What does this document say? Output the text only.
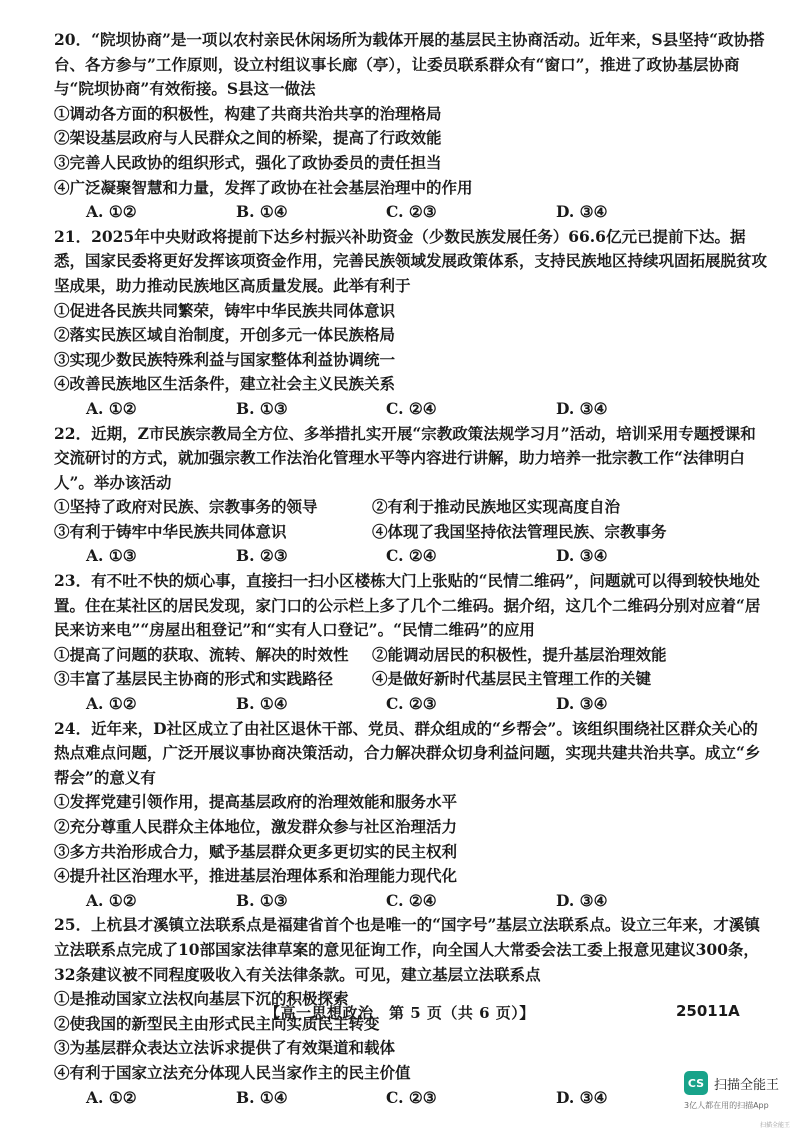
20．“院坝协商”是一项以农村亲民休闲场所为载体开展的基层民主协商活动。近年来，S县坚持“政协搭台、各方参与”工作原则，设立村组议事长廊（亭），让委员联系群众有“窗口”，推进了政协基层协商与“院坝协商”有效衔接。S县这一做法

①调动各方面的积极性，构建了共商共治共享的治理格局

②架设基层政府与人民群众之间的桥梁，提高了行政效能

③完善人民政协的组织形式，强化了政协委员的责任担当

④广泛凝聚智慧和力量，发挥了政协在社会基层治理中的作用

A. ①②	B. ①④	C. ②③	D. ③④

21．2025年中央财政将提前下达乡村振兴补助资金（少数民族发展任务）66.6亿元已提前下达。据悉，国家民委将更好发挥该项资金作用，完善民族领域发展政策体系，支持民族地区持续巩固拓展脱贫攻坚成果，助力推动民族地区高质量发展。此举有利于

①促进各民族共同繁荣，铸牢中华民族共同体意识

②落实民族区域自治制度，开创多元一体民族格局

③实现少数民族特殊利益与国家整体利益协调统一

④改善民族地区生活条件，建立社会主义民族关系

A. ①②	B. ①③	C. ②④	D. ③④

22．近期，Z市民族宗教局全方位、多举措扎实开展“宗教政策法规学习月”活动，培训采用专题授课和交流研讨的方式，就加强宗教工作法治化管理水平等内容进行讲解，助力培养一批宗教工作“法律明白人”。举办该活动

①坚持了政府对民族、宗教事务的领导	②有利于推动民族地区实现高度自治
③有利于铸牢中华民族共同体意识	④体现了我国坚持依法管理民族、宗教事务
A. ①③	B. ②③	C. ②④	D. ③④

23．有不吐不快的烦心事，直接扫一扫小区楼栋大门上张贴的“民情二维码”，问题就可以得到较快地处置。住在某社区的居民发现，家门口的公示栏上多了几个二维码。据介绍，这几个二维码分别对应着“居民来访来电”“房屋出租登记”和“实有人口登记”。“民情二维码”的应用

①提高了问题的获取、流转、解决的时效性	②能调动居民的积极性，提升基层治理效能
③丰富了基层民主协商的形式和实践路径	④是做好新时代基层民主管理工作的关键
A. ①②	B. ①④	C. ②③	D. ③④

24．近年来，D社区成立了由社区退休干部、党员、群众组成的“乡帮会”。该组织围绕社区群众关心的热点难点问题，广泛开展议事协商决策活动，合力解决群众切身利益问题，实现共建共治共享。成立“乡帮会”的意义有

①发挥党建引领作用，提高基层政府的治理效能和服务水平

②充分尊重人民群众主体地位，激发群众参与社区治理活力

③多方共治形成合力，赋予基层群众更多更切实的民主权利

④提升社区治理水平，推进基层治理体系和治理能力现代化

A. ①②	B. ①③	C. ②④	D. ③④

25．上杭县才溪镇立法联系点是福建省首个也是唯一的“国字号”基层立法联系点。设立三年来，才溪镇立法联系点完成了10部国家法律草案的意见征询工作，向全国人大常委会法工委上报意见建议300条，32条建议被不同程度吸收入有关法律条款。可见，建立基层立法联系点

①是推动国家立法权向基层下沉的积极探索

②使我国的新型民主由形式民主向实质民主转变

③为基层群众表达立法诉求提供了有效渠道和载体

④有利于国家立法充分体现人民当家作主的民主价值

A. ①②	B. ①④	C. ②③	D. ③④
【高一思想政治　第 5 页（共 6 页）】	25011A
CS 扫描全能王
3亿人都在用的扫描App
扫描全能王
